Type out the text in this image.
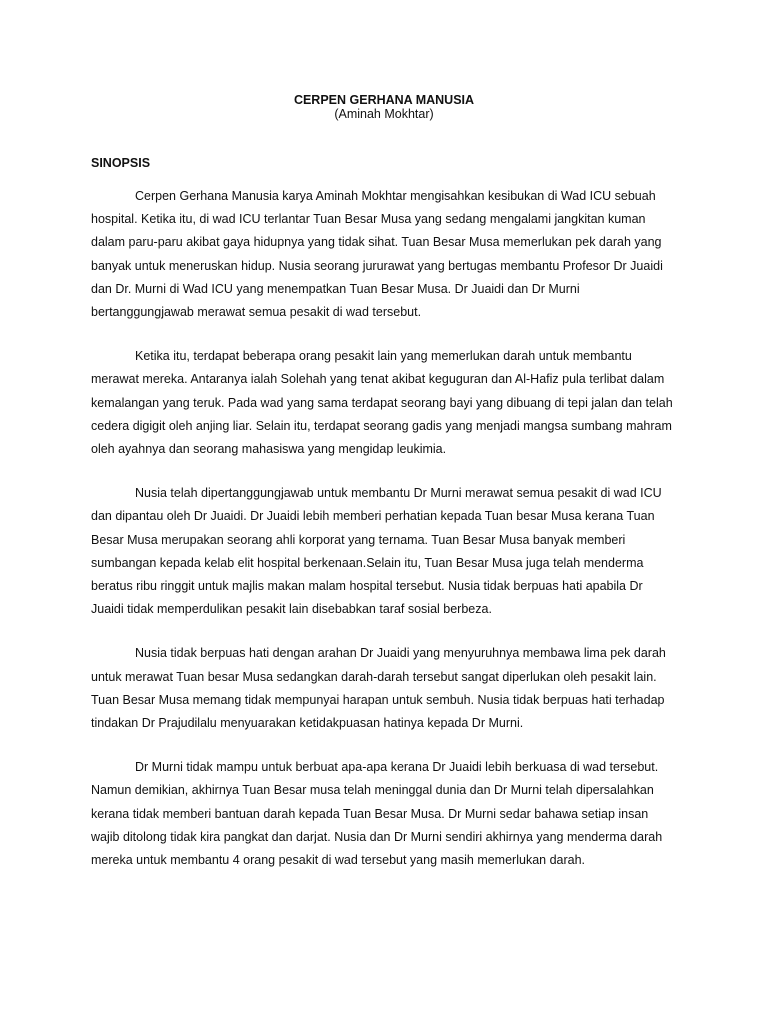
CERPEN GERHANA MANUSIA
(Aminah Mokhtar)
SINOPSIS

Cerpen Gerhana Manusia karya Aminah Mokhtar mengisahkan kesibukan di Wad ICU sebuah
hospital. Ketika itu, di wad ICU terlantar Tuan Besar Musa yang sedang mengalami jangkitan kuman
dalam paru-paru akibat gaya hidupnya yang tidak sihat. Tuan Besar Musa memerlukan pek darah yang
banyak untuk meneruskan hidup. Nusia seorang jururawat yang bertugas membantu Profesor Dr Juaidi
dan Dr. Murni di Wad ICU yang menempatkan Tuan Besar Musa. Dr Juaidi dan Dr Murni
bertanggungjawab merawat semua pesakit di wad tersebut.

Ketika itu, terdapat beberapa orang pesakit lain yang memerlukan darah untuk membantu
merawat mereka. Antaranya ialah Solehah yang tenat akibat keguguran dan Al-Hafiz pula terlibat dalam
kemalangan yang teruk. Pada wad yang sama terdapat seorang bayi yang dibuang di tepi jalan dan telah
cedera digigit oleh anjing liar. Selain itu, terdapat seorang gadis yang menjadi mangsa sumbang mahram
oleh ayahnya dan seorang mahasiswa yang mengidap leukimia.

Nusia telah dipertanggungjawab untuk membantu Dr Murni merawat semua pesakit di wad ICU
dan dipantau oleh Dr Juaidi. Dr Juaidi lebih memberi perhatian kepada Tuan besar Musa kerana Tuan
Besar Musa merupakan seorang ahli korporat yang ternama. Tuan Besar Musa banyak memberi
sumbangan kepada kelab elit hospital berkenaan.Selain itu, Tuan Besar Musa juga telah menderma
beratus ribu ringgit untuk majlis makan malam hospital tersebut. Nusia tidak berpuas hati apabila Dr
Juaidi tidak memperdulikan pesakit lain disebabkan taraf sosial berbeza.

Nusia tidak berpuas hati dengan arahan Dr Juaidi yang menyuruhnya membawa lima pek darah
untuk merawat Tuan besar Musa sedangkan darah-darah tersebut sangat diperlukan oleh pesakit lain.
Tuan Besar Musa memang tidak mempunyai harapan untuk sembuh. Nusia tidak berpuas hati terhadap
tindakan Dr Prajudilalu menyuarakan ketidakpuasan hatinya kepada Dr Murni.

Dr Murni tidak mampu untuk berbuat apa-apa kerana Dr Juaidi lebih berkuasa di wad tersebut.
Namun demikian, akhirnya Tuan Besar musa telah meninggal dunia dan Dr Murni telah dipersalahkan
kerana tidak memberi bantuan darah kepada Tuan Besar Musa. Dr Murni sedar bahawa setiap insan
wajib ditolong tidak kira pangkat dan darjat. Nusia dan Dr Murni sendiri akhirnya yang menderma darah
mereka untuk membantu 4 orang pesakit di wad tersebut yang masih memerlukan darah.
